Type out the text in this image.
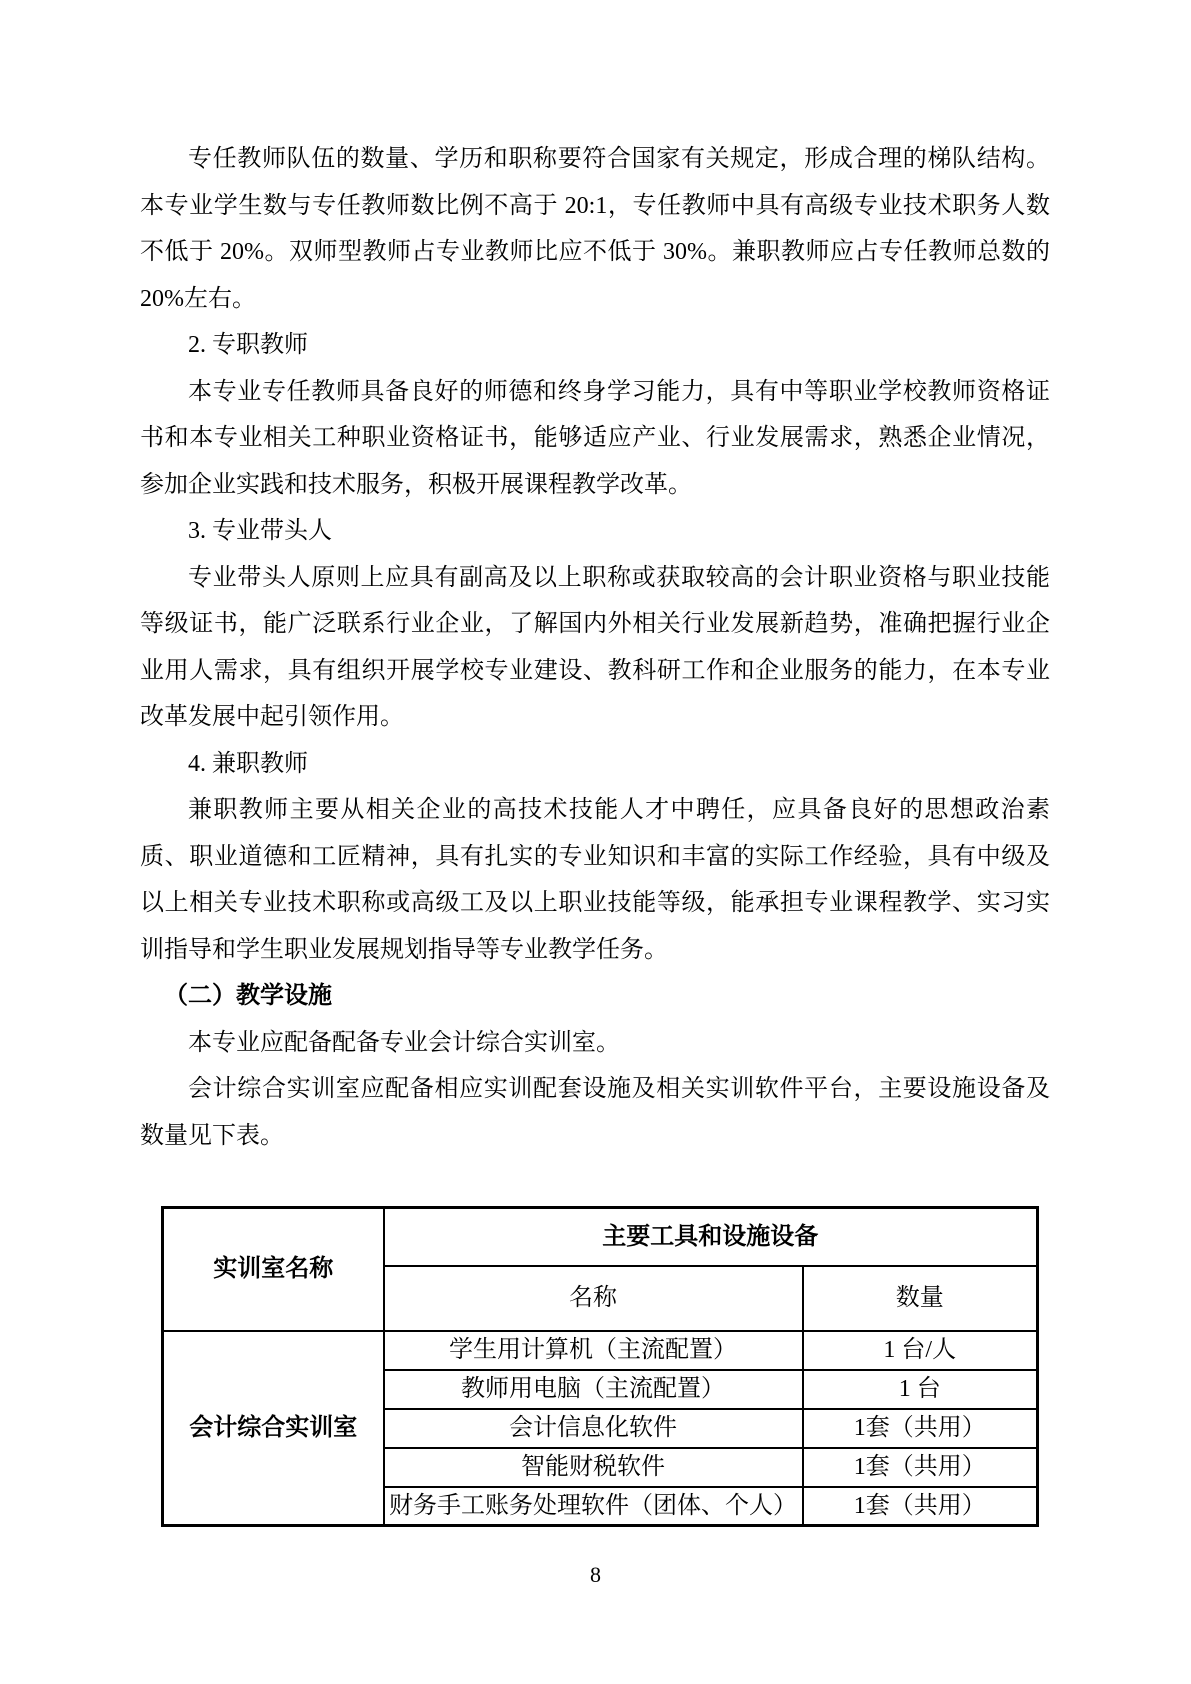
专任教师队伍的数量、学历和职称要符合国家有关规定，形成合理的梯队结构。本专业学生数与专任教师数比例不高于 20:1，专任教师中具有高级专业技术职务人数不低于 20%。双师型教师占专业教师比应不低于 30%。兼职教师应占专任教师总数的20%左右。

2. 专职教师

本专业专任教师具备良好的师德和终身学习能力，具有中等职业学校教师资格证书和本专业相关工种职业资格证书，能够适应产业、行业发展需求，熟悉企业情况，参加企业实践和技术服务，积极开展课程教学改革。

3. 专业带头人

专业带头人原则上应具有副高及以上职称或获取较高的会计职业资格与职业技能等级证书，能广泛联系行业企业，了解国内外相关行业发展新趋势，准确把握行业企业用人需求，具有组织开展学校专业建设、教科研工作和企业服务的能力，在本专业改革发展中起引领作用。

4. 兼职教师

兼职教师主要从相关企业的高技术技能人才中聘任，应具备良好的思想政治素质、职业道德和工匠精神，具有扎实的专业知识和丰富的实际工作经验，具有中级及以上相关专业技术职称或高级工及以上职业技能等级，能承担专业课程教学、实习实训指导和学生职业发展规划指导等专业教学任务。

（二）教学设施

本专业应配备配备专业会计综合实训室。

会计综合实训室应配备相应实训配套设施及相关实训软件平台，主要设施设备及数量见下表。

实训室名称	主要工具和设施设备	
	名称	数量
会计综合实训室	学生用计算机（主流配置）	1 台/人
	教师用电脑（主流配置）	1 台
	会计信息化软件	1套（共用）
	智能财税软件	1套（共用）
	财务手工账务处理软件（团体、个人）	1套（共用）
8
